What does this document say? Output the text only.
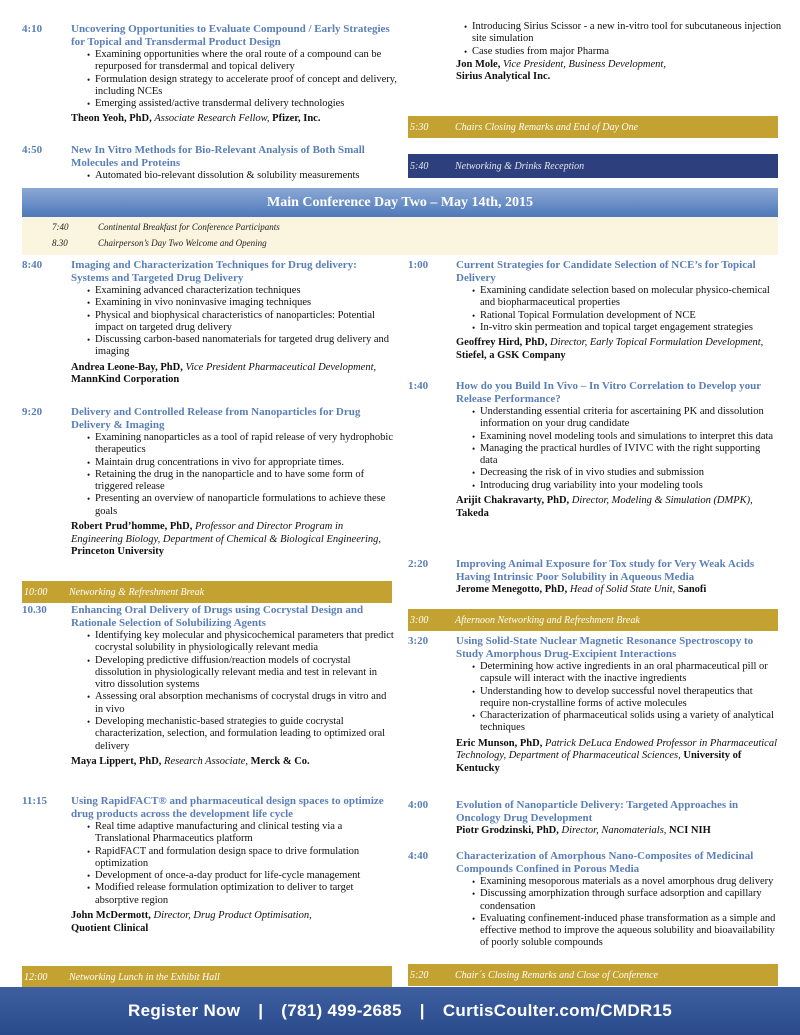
4:10	Uncovering Opportunities to Evaluate Compound / Early Strategies for Topical and Transdermal Product Design

• Examining opportunities where the oral route of a compound can be repurposed for transdermal and topical delivery
• Formulation design strategy to accelerate proof of concept and delivery, including NCEs
• Emerging assisted/active transdermal delivery technologies
Theon Yeoh, PhD, Associate Research Fellow, Pfizer, Inc.
4:50	New In Vitro Methods for Bio-Relevant Analysis of Both Small Molecules and Proteins

• Automated bio-relevant dissolution & solubility measurements
• Introducing Sirius Scissor - a new in-vitro tool for subcutaneous injection site simulation
• Case studies from major Pharma
Jon Mole, Vice President, Business Development,
Sirius Analytical Inc.
5:30	Chairs Closing Remarks and End of Day One
5:40	Networking & Drinks Reception
Main Conference Day Two – May 14th, 2015
7:40	Continental Breakfast for Conference Participants
8.30	Chairperson’s Day Two Welcome and Opening
8:40	Imaging and Characterization Techniques for Drug delivery: Systems and Targeted Drug Delivery

• Examining advanced characterization techniques
• Examining in vivo noninvasive imaging techniques
• Physical and biophysical characteristics of nanoparticles: Potential impact on targeted drug delivery
• Discussing carbon-based nanomaterials for targeted drug delivery and imaging
Andrea Leone-Bay, PhD, Vice President Pharmaceutical Development, MannKind Corporation
9:20	Delivery and Controlled Release from Nanoparticles for Drug Delivery & Imaging

• Examining nanoparticles as a tool of rapid release of very hydrophobic therapeutics
• Maintain drug concentrations in vivo for appropriate times.
• Retaining the drug in the nanoparticle and to have some form of triggered release
• Presenting an overview of nanoparticle formulations to achieve these goals
Robert Prud’homme, PhD, Professor and Director Program in Engineering Biology, Department of Chemical & Biological Engineering, Princeton University
10:00	Networking & Refreshment Break
10.30 Enhancing Oral Delivery of Drugs using Cocrystal Design and Rationale Selection of Solubilizing Agents

• Identifying key molecular and physicochemical parameters that predict cocrystal solubility in physiologically relevant media
• Developing predictive diffusion/reaction models of cocrystal dissolution in physiologically relevant media and test in relevant in vitro dissolution systems
• Assessing oral absorption mechanisms of cocrystal drugs in vitro and in vivo
• Developing mechanistic-based strategies to guide cocrystal characterization, selection, and formulation leading to optimized oral delivery
Maya Lippert, PhD, Research Associate, Merck & Co.
11:15 Using RapidFACT® and pharmaceutical design spaces to optimize drug products across the development life cycle

• Real time adaptive manufacturing and clinical testing via a Translational Pharmaceutics platform
• RapidFACT and formulation design space to drive formulation optimization
• Development of once-a-day product for life-cycle management
• Modified release formulation optimization to deliver to target absorptive region
John McDermott, Director, Drug Product Optimisation,
Quotient Clinical
12:00	Networking Lunch in the Exhibit Hall
1:00	Current Strategies for Candidate Selection of NCE’s for Topical Delivery

• Examining candidate selection based on molecular physico-chemical and biopharmaceutical properties
• Rational Topical Formulation development of NCE
• In-vitro skin permeation and topical target engagement strategies
Geoffrey Hird, PhD, Director, Early Topical Formulation Development, Stiefel, a GSK Company
1:40	How do you Build In Vivo – In Vitro Correlation to Develop your Release Performance?

• Understanding essential criteria for ascertaining PK and dissolution information on your drug candidate
• Examining novel modeling tools and simulations to interpret this data
• Managing the practical hurdles of IVIVC with the right supporting data
• Decreasing the risk of in vivo studies and submission
• Introducing drug variability into your modeling tools
Arijit Chakravarty, PhD, Director, Modeling & Simulation (DMPK), Takeda
2:20	Improving Animal Exposure for Tox study for Very Weak Acids Having Intrinsic Poor Solubility in Aqueous Media

Jerome Menegotto, PhD, Head of Solid State Unit, Sanofi
3:00	Afternoon Networking and Refreshment Break
3:20	Using Solid-State Nuclear Magnetic Resonance Spectroscopy to Study Amorphous Drug-Excipient Interactions

• Determining how active ingredients in an oral pharmaceutical pill or capsule will interact with the inactive ingredients
• Understanding how to develop successful novel therapeutics that require non-crystalline forms of active molecules
• Characterization of pharmaceutical solids using a variety of analytical techniques
Eric Munson, PhD, Patrick DeLuca Endowed Professor in Pharmaceutical Technology, Department of Pharmaceutical Sciences, University of Kentucky
4:00	Evolution of Nanoparticle Delivery: Targeted Approaches in Oncology Drug Development

Piotr Grodzinski, PhD, Director, Nanomaterials, NCI NIH
4:40	Characterization of Amorphous Nano-Composites of Medicinal Compounds Confined in Porous Media

• Examining mesoporous materials as a novel amorphous drug delivery
• Discussing amorphization through surface adsorption and capillary condensation
• Evaluating confinement-induced phase transformation as a simple and effective method to improve the aqueous solubility and bioavailability of poorly soluble compounds
5:20	Chair´s Closing Remarks and Close of Conference
Register Now | (781) 499-2685 | CurtisCoulter.com/CMDR15
